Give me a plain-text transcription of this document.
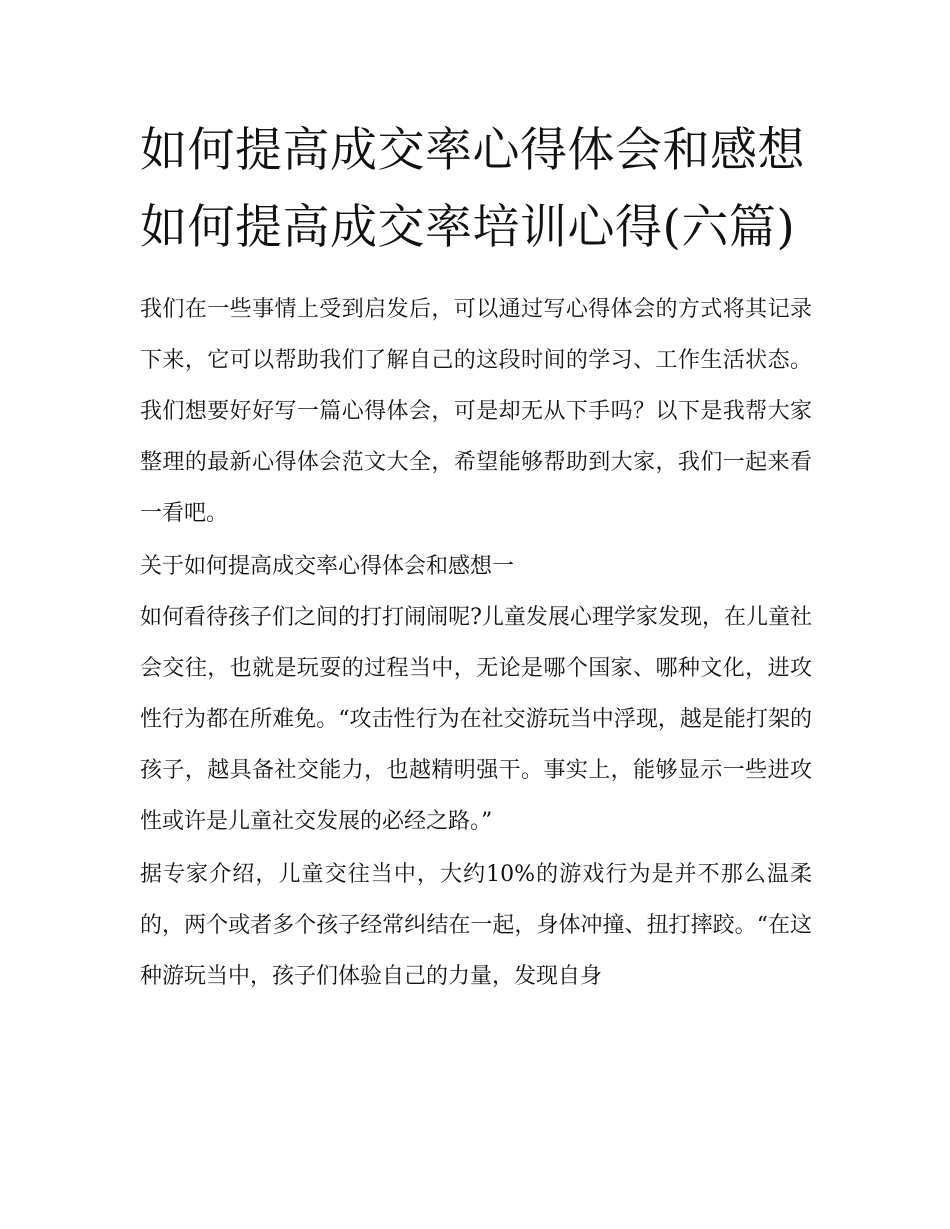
如何提高成交率心得体会和感想 如何提高成交率培训心得(六篇)

我们在一些事情上受到启发后，可以通过写心得体会的方式将其记录下来，它可以帮助我们了解自己的这段时间的学习、工作生活状态。我们想要好好写一篇心得体会，可是却无从下手吗？以下是我帮大家整理的最新心得体会范文大全，希望能够帮助到大家，我们一起来看一看吧。

关于如何提高成交率心得体会和感想一

如何看待孩子们之间的打打闹闹呢?儿童发展心理学家发现，在儿童社会交往，也就是玩耍的过程当中，无论是哪个国家、哪种文化，进攻性行为都在所难免。“攻击性行为在社交游玩当中浮现，越是能打架的孩子，越具备社交能力，也越精明强干。事实上，能够显示一些进攻性或许是儿童社交发展的必经之路。”

据专家介绍，儿童交往当中，大约10%的游戏行为是并不那么温柔的，两个或者多个孩子经常纠结在一起，身体冲撞、扭打摔跤。“在这种游玩当中，孩子们体验自己的力量，发现自身
